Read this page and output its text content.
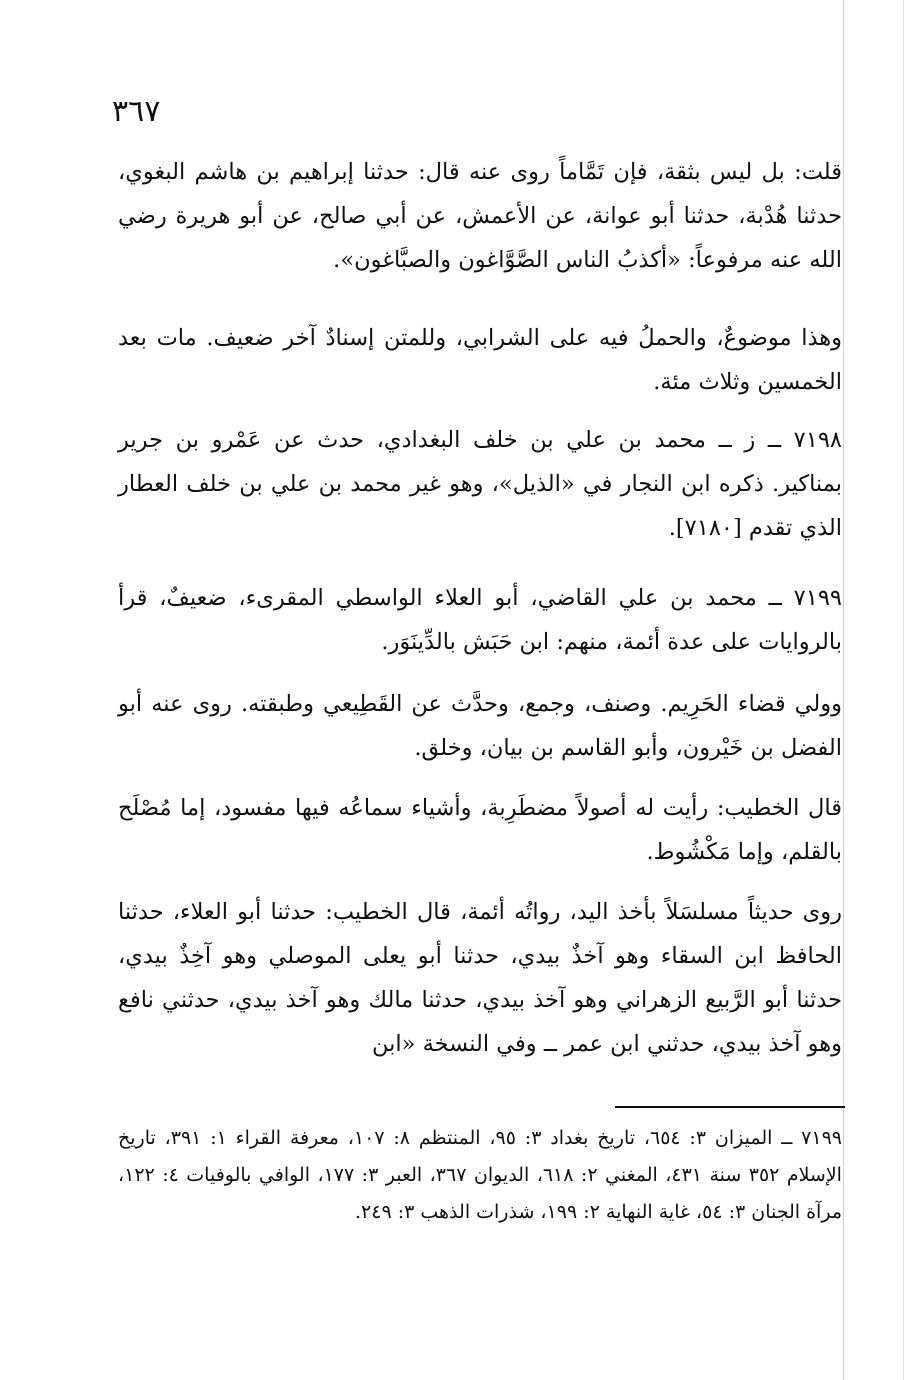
٣٦٧

قلت: بل ليس بثقة، فإن تَمَّاماً روى عنه قال: حدثنا إبراهيم بن هاشم البغوي، حدثنا هُدْبة، حدثنا أبو عوانة، عن الأعمش، عن أبي صالح، عن أبو هريرة رضي الله عنه مرفوعاً: «أكذبُ الناس الصَّوَّاغون والصبَّاغون».

وهذا موضوعٌ، والحملُ فيه على الشرابي، وللمتن إسنادٌ آخر ضعيف. مات بعد الخمسين وثلاث مئة.

٧١٩٨ ــ ز ــ محمد بن علي بن خلف البغدادي، حدث عن عَمْرو بن جرير بمناكير. ذكره ابن النجار في «الذيل»، وهو غير محمد بن علي بن خلف العطار الذي تقدم [٧١٨٠].

٧١٩٩ ــ محمد بن علي القاضي، أبو العلاء الواسطي المقرىء، ضعيفٌ، قرأ بالروايات على عدة أئمة، منهم: ابن حَبَش بالدِّينَوَر.

وولي قضاء الحَرِيم. وصنف، وجمع، وحدَّث عن القَطِيعي وطبقته. روى عنه أبو الفضل بن خَيْرون، وأبو القاسم بن بيان، وخلق.

قال الخطيب: رأيت له أصولاً مضطَرِبة، وأشياء سماعُه فيها مفسود، إما مُصْلَح بالقلم، وإما مَكْشُوط.

روى حديثاً مسلسَلاً بأخذ اليد، رواتُه أئمة، قال الخطيب: حدثنا أبو العلاء، حدثنا الحافظ ابن السقاء وهو آخذٌ بيدي، حدثنا أبو يعلى الموصلي وهو آخِذٌ بيدي، حدثنا أبو الرَّبيع الزهراني وهو آخذ بيدي، حدثنا مالك وهو آخذ بيدي، حدثني نافع وهو آخذ بيدي، حدثني ابن عمر ــ وفي النسخة «ابن

٧١٩٩ ــ الميزان ٣: ٦٥٤، تاريخ بغداد ٣: ٩٥، المنتظم ٨: ١٠٧، معرفة القراء ١: ٣٩١، تاريخ الإسلام ٣٥٢ سنة ٤٣١، المغني ٢: ٦١٨، الديوان ٣٦٧، العبر ٣: ١٧٧، الوافي بالوفيات ٤: ١٢٢، مرآة الجنان ٣: ٥٤، غاية النهاية ٢: ١٩٩، شذرات الذهب ٣: ٢٤٩.
